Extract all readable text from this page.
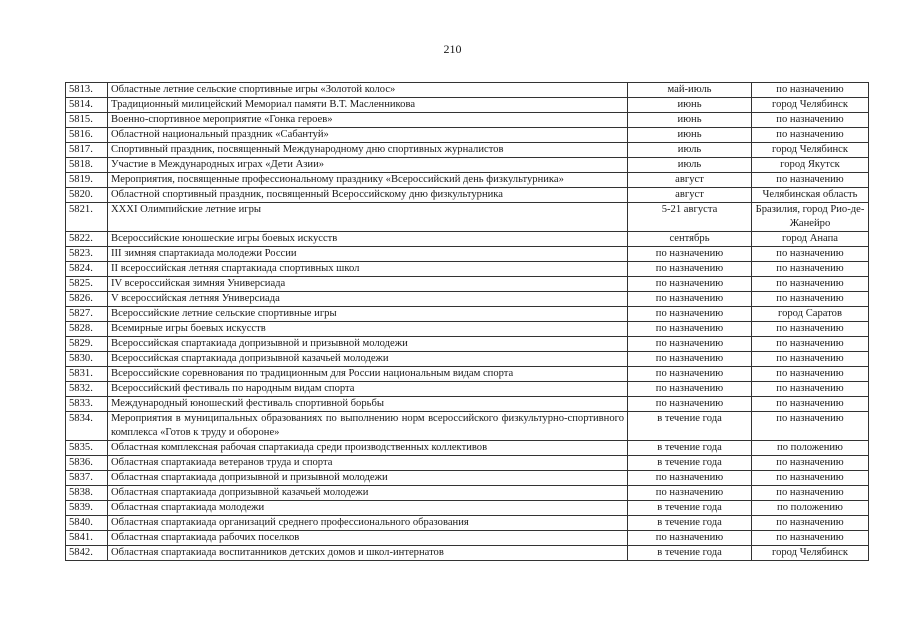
210
5813.	Областные летние сельские спортивные игры «Золотой колос»	май-июль	по назначению
5814.	Традиционный милицейский Мемориал памяти В.Т. Масленникова	июнь	город Челябинск
5815.	Военно-спортивное мероприятие «Гонка героев»	июнь	по назначению
5816.	Областной национальный праздник «Сабантуй»	июнь	по назначению
5817.	Спортивный праздник, посвященный Международному дню спортивных журналистов	июль	город Челябинск
5818.	Участие в Международных играх «Дети Азии»	июль	город Якутск
5819.	Мероприятия, посвященные профессиональному празднику «Всероссийский день физкультурника»	август	по назначению
5820.	Областной спортивный праздник, посвященный Всероссийскому дню физкультурника	август	Челябинская область
5821.	XXXI Олимпийские летние игры	5-21 августа	Бразилия, город Рио-де-Жанейро
5822.	Всероссийские юношеские игры боевых искусств	сентябрь	город Анапа
5823.	III зимняя спартакиада молодежи России	по назначению	по назначению
5824.	II всероссийская летняя спартакиада спортивных школ	по назначению	по назначению
5825.	IV всероссийская зимняя Универсиада	по назначению	по назначению
5826.	V всероссийская летняя Универсиада	по назначению	по назначению
5827.	Всероссийские летние сельские спортивные игры	по назначению	город Саратов
5828.	Всемирные игры боевых искусств	по назначению	по назначению
5829.	Всероссийская спартакиада допризывной и призывной молодежи	по назначению	по назначению
5830.	Всероссийская спартакиада допризывной казачьей молодежи	по назначению	по назначению
5831.	Всероссийские соревнования по традиционным для России национальным видам спорта	по назначению	по назначению
5832.	Всероссийский фестиваль по народным видам спорта	по назначению	по назначению
5833.	Международный юношеский фестиваль спортивной борьбы	по назначению	по назначению
5834.	Мероприятия в муниципальных образованиях по выполнению норм всероссийского физкультурно-спортивного комплекса «Готов к труду и обороне»	в течение года	по назначению
5835.	Областная комплексная рабочая спартакиада среди производственных коллективов	в течение года	по положению
5836.	Областная спартакиада ветеранов труда и спорта	в течение года	по назначению
5837.	Областная спартакиада допризывной и призывной молодежи	по назначению	по назначению
5838.	Областная спартакиада допризывной казачьей молодежи	по назначению	по назначению
5839.	Областная спартакиада молодежи	в течение года	по положению
5840.	Областная спартакиада организаций среднего профессионального образования	в течение года	по назначению
5841.	Областная спартакиада рабочих поселков	по назначению	по назначению
5842.	Областная спартакиада воспитанников детских домов и школ-интернатов	в течение года	город Челябинск
